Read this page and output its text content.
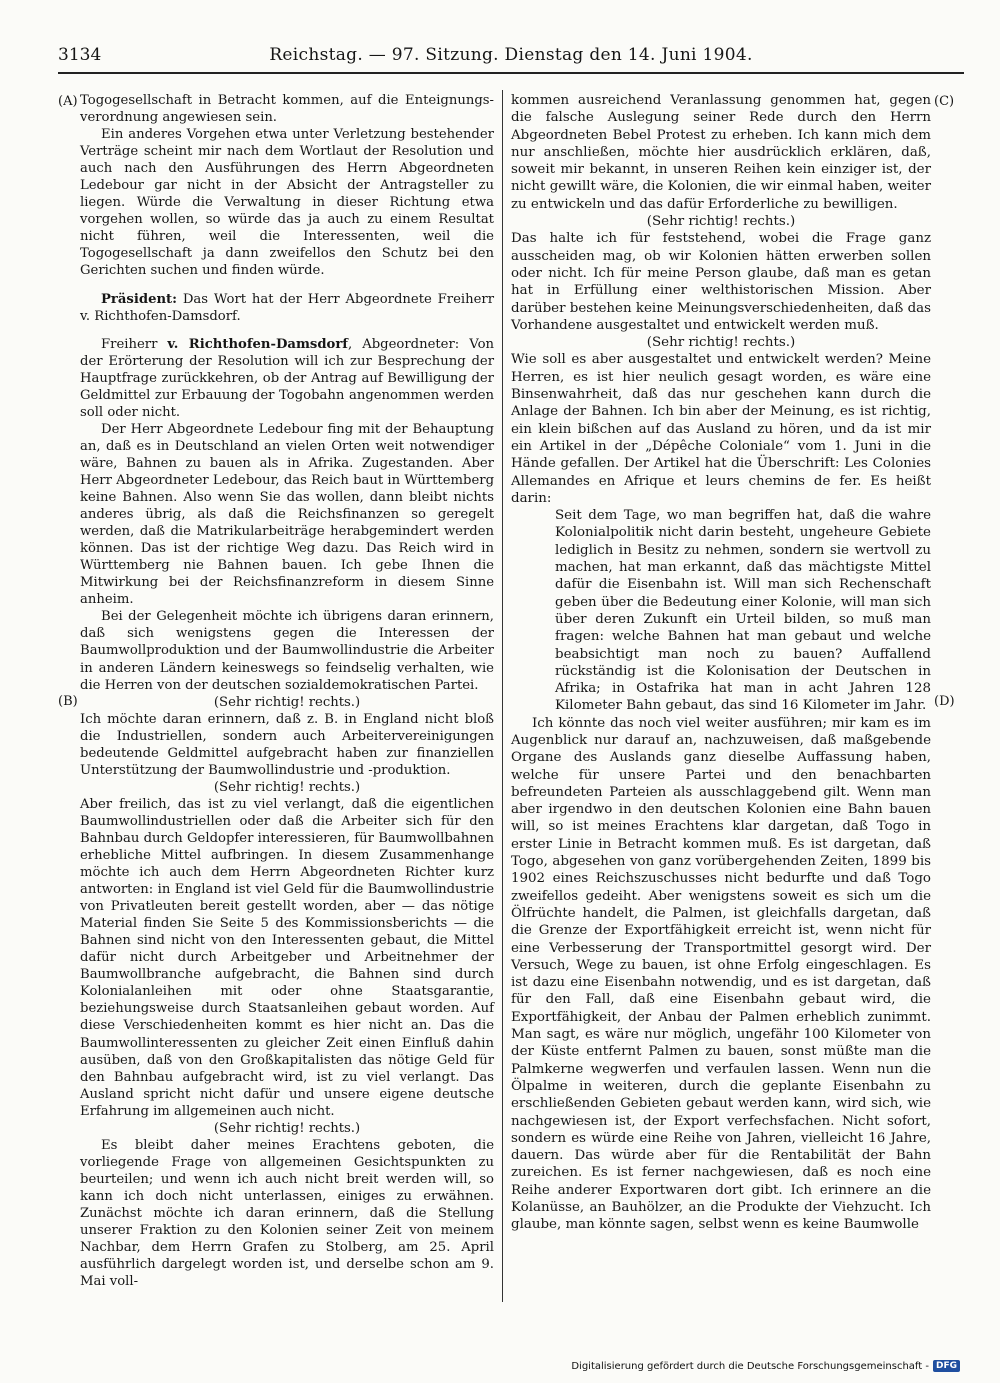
3134	Reichstag. — 97. Sitzung. Dienstag den 14. Juni 1904.
(A)
(B)
(C)
(D)

Togogesellschaft in Betracht kommen, auf die Enteignungs-verordnung angewiesen sein.

Ein anderes Vorgehen etwa unter Verletzung bestehender Verträge scheint mir nach dem Wortlaut der Resolution und auch nach den Ausführungen des Herrn Abgeordneten Ledebour gar nicht in der Absicht der Antragsteller zu liegen. Würde die Verwaltung in dieser Richtung etwa vorgehen wollen, so würde das ja auch zu einem Resultat nicht führen, weil die Interessenten, weil die Togogesellschaft ja dann zweifellos den Schutz bei den Gerichten suchen und finden würde.

Präsident: Das Wort hat der Herr Abgeordnete Freiherr v. Richthofen-Damsdorf.

Freiherr v. Richthofen-Damsdorf, Abgeordneter: Von der Erörterung der Resolution will ich zur Besprechung der Hauptfrage zurückkehren, ob der Antrag auf Bewilligung der Geldmittel zur Erbauung der Togobahn angenommen werden soll oder nicht.

Der Herr Abgeordnete Ledebour fing mit der Behauptung an, daß es in Deutschland an vielen Orten weit notwendiger wäre, Bahnen zu bauen als in Afrika. Zugestanden. Aber Herr Abgeordneter Ledebour, das Reich baut in Württemberg keine Bahnen. Also wenn Sie das wollen, dann bleibt nichts anderes übrig, als daß die Reichsfinanzen so geregelt werden, daß die Matrikularbeiträge herabgemindert werden können. Das ist der richtige Weg dazu. Das Reich wird in Württemberg nie Bahnen bauen. Ich gebe Ihnen die Mitwirkung bei der Reichsfinanzreform in diesem Sinne anheim.

Bei der Gelegenheit möchte ich übrigens daran erinnern, daß sich wenigstens gegen die Interessen der Baumwollproduktion und der Baumwollindustrie die Arbeiter in anderen Ländern keineswegs so feindselig verhalten, wie die Herren von der deutschen sozialdemokratischen Partei.

(Sehr richtig! rechts.)

Ich möchte daran erinnern, daß z. B. in England nicht bloß die Industriellen, sondern auch Arbeitervereinigungen bedeutende Geldmittel aufgebracht haben zur finanziellen Unterstützung der Baumwollindustrie und -produktion.

(Sehr richtig! rechts.)

Aber freilich, das ist zu viel verlangt, daß die eigentlichen Baumwollindustriellen oder daß die Arbeiter sich für den Bahnbau durch Geldopfer interessieren, für Baumwollbahnen erhebliche Mittel aufbringen. In diesem Zusammenhange möchte ich auch dem Herrn Abgeordneten Richter kurz antworten: in England ist viel Geld für die Baumwollindustrie von Privatleuten bereit gestellt worden, aber — das nötige Material finden Sie Seite 5 des Kommissionsberichts — die Bahnen sind nicht von den Interessenten gebaut, die Mittel dafür nicht durch Arbeitgeber und Arbeitnehmer der Baumwollbranche aufgebracht, die Bahnen sind durch Kolonialanleihen mit oder ohne Staatsgarantie, beziehungsweise durch Staatsanleihen gebaut worden. Auf diese Verschiedenheiten kommt es hier nicht an. Das die Baumwollinteressenten zu gleicher Zeit einen Einfluß dahin ausüben, daß von den Großkapitalisten das nötige Geld für den Bahnbau aufgebracht wird, ist zu viel verlangt. Das Ausland spricht nicht dafür und unsere eigene deutsche Erfahrung im allgemeinen auch nicht.

(Sehr richtig! rechts.)

Es bleibt daher meines Erachtens geboten, die vorliegende Frage von allgemeinen Gesichtspunkten zu beurteilen; und wenn ich auch nicht breit werden will, so kann ich doch nicht unterlassen, einiges zu erwähnen. Zunächst möchte ich daran erinnern, daß die Stellung unserer Fraktion zu den Kolonien seiner Zeit von meinem Nachbar, dem Herrn Grafen zu Stolberg, am 25. April ausführlich dargelegt worden ist, und derselbe schon am 9. Mai voll-

kommen ausreichend Veranlassung genommen hat, gegen die falsche Auslegung seiner Rede durch den Herrn Abgeordneten Bebel Protest zu erheben. Ich kann mich dem nur anschließen, möchte hier ausdrücklich erklären, daß, soweit mir bekannt, in unseren Reihen kein einziger ist, der nicht gewillt wäre, die Kolonien, die wir einmal haben, weiter zu entwickeln und das dafür Erforderliche zu bewilligen.

(Sehr richtig! rechts.)

Das halte ich für feststehend, wobei die Frage ganz ausscheiden mag, ob wir Kolonien hätten erwerben sollen oder nicht. Ich für meine Person glaube, daß man es getan hat in Erfüllung einer welthistorischen Mission. Aber darüber bestehen keine Meinungsverschiedenheiten, daß das Vorhandene ausgestaltet und entwickelt werden muß.

(Sehr richtig! rechts.)

Wie soll es aber ausgestaltet und entwickelt werden? Meine Herren, es ist hier neulich gesagt worden, es wäre eine Binsenwahrheit, daß das nur geschehen kann durch die Anlage der Bahnen. Ich bin aber der Meinung, es ist richtig, ein klein bißchen auf das Ausland zu hören, und da ist mir ein Artikel in der „Dépêche Coloniale“ vom 1. Juni in die Hände gefallen. Der Artikel hat die Überschrift: Les Colonies Allemandes en Afrique et leurs chemins de fer. Es heißt darin:

Seit dem Tage, wo man begriffen hat, daß die wahre Kolonialpolitik nicht darin besteht, ungeheure Gebiete lediglich in Besitz zu nehmen, sondern sie wertvoll zu machen, hat man erkannt, daß das mächtigste Mittel dafür die Eisenbahn ist. Will man sich Rechenschaft geben über die Bedeutung einer Kolonie, will man sich über deren Zukunft ein Urteil bilden, so muß man fragen: welche Bahnen hat man gebaut und welche beabsichtigt man noch zu bauen? Auffallend rückständig ist die Kolonisation der Deutschen in Afrika; in Ostafrika hat man in acht Jahren 128 Kilometer Bahn gebaut, das sind 16 Kilometer im Jahr.

Ich könnte das noch viel weiter ausführen; mir kam es im Augenblick nur darauf an, nachzuweisen, daß maßgebende Organe des Auslands ganz dieselbe Auffassung haben, welche für unsere Partei und den benachbarten befreundeten Parteien als ausschlaggebend gilt. Wenn man aber irgendwo in den deutschen Kolonien eine Bahn bauen will, so ist meines Erachtens klar dargetan, daß Togo in erster Linie in Betracht kommen muß. Es ist dargetan, daß Togo, abgesehen von ganz vorübergehenden Zeiten, 1899 bis 1902 eines Reichszuschusses nicht bedurfte und daß Togo zweifellos gedeiht. Aber wenigstens soweit es sich um die Ölfrüchte handelt, die Palmen, ist gleichfalls dargetan, daß die Grenze der Exportfähigkeit erreicht ist, wenn nicht für eine Verbesserung der Transportmittel gesorgt wird. Der Versuch, Wege zu bauen, ist ohne Erfolg eingeschlagen. Es ist dazu eine Eisenbahn notwendig, und es ist dargetan, daß für den Fall, daß eine Eisenbahn gebaut wird, die Exportfähigkeit, der Anbau der Palmen erheblich zunimmt. Man sagt, es wäre nur möglich, ungefähr 100 Kilometer von der Küste entfernt Palmen zu bauen, sonst müßte man die Palmkerne wegwerfen und verfaulen lassen. Wenn nun die Ölpalme in weiteren, durch die geplante Eisenbahn zu erschließenden Gebieten gebaut werden kann, wird sich, wie nachgewiesen ist, der Export verfechsfachen. Nicht sofort, sondern es würde eine Reihe von Jahren, vielleicht 16 Jahre, dauern. Das würde aber für die Rentabilität der Bahn zureichen. Es ist ferner nachgewiesen, daß es noch eine Reihe anderer Exportwaren dort gibt. Ich erinnere an die Kolanüsse, an Bauhölzer, an die Produkte der Viehzucht. Ich glaube, man könnte sagen, selbst wenn es keine Baumwolle

Digitalisierung gefördert durch die Deutsche Forschungsgemeinschaft - DFG
